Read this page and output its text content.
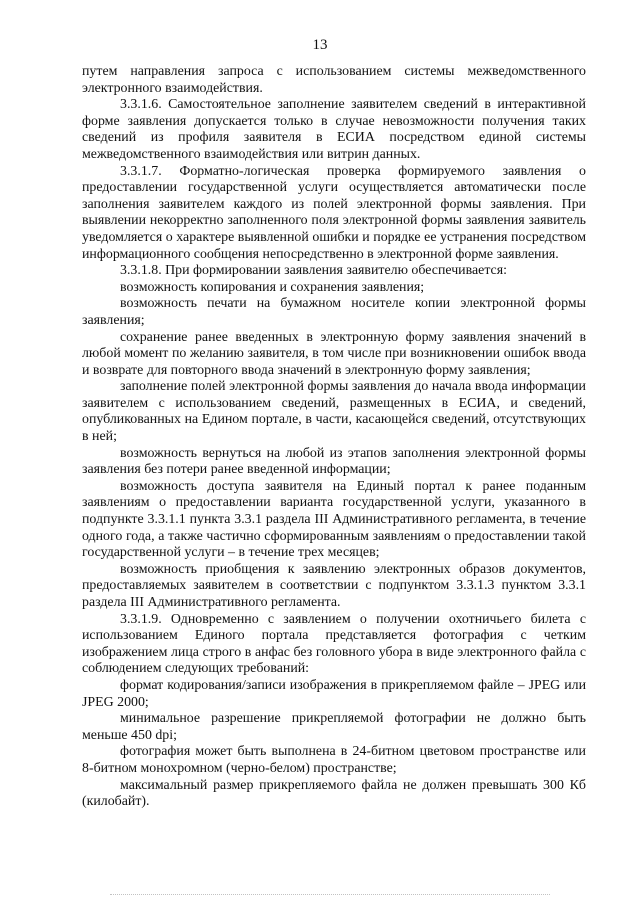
13

путем направления запроса с использованием системы межведомственного электронного взаимодействия.

3.3.1.6. Самостоятельное заполнение заявителем сведений в интерактивной форме заявления допускается только в случае невозможности получения таких сведений из профиля заявителя в ЕСИА посредством единой системы межведомственного взаимодействия или витрин данных.

3.3.1.7. Форматно-логическая проверка формируемого заявления о предоставлении государственной услуги осуществляется автоматически после заполнения заявителем каждого из полей электронной формы заявления. При выявлении некорректно заполненного поля электронной формы заявления заявитель уведомляется о характере выявленной ошибки и порядке ее устранения посредством информационного сообщения непосредственно в электронной форме заявления.

3.3.1.8. При формировании заявления заявителю обеспечивается:

возможность копирования и сохранения заявления;

возможность печати на бумажном носителе копии электронной формы заявления;

сохранение ранее введенных в электронную форму заявления значений в любой момент по желанию заявителя, в том числе при возникновении ошибок ввода и возврате для повторного ввода значений в электронную форму заявления;

заполнение полей электронной формы заявления до начала ввода информации заявителем с использованием сведений, размещенных в ЕСИА, и сведений, опубликованных на Едином портале, в части, касающейся сведений, отсутствующих в ней;

возможность вернуться на любой из этапов заполнения электронной формы заявления без потери ранее введенной информации;

возможность доступа заявителя на Единый портал к ранее поданным заявлениям о предоставлении варианта государственной услуги, указанного в подпункте 3.3.1.1 пункта 3.3.1 раздела III Административного регламента, в течение одного года, а также частично сформированным заявлениям о предоставлении такой государственной услуги – в течение трех месяцев;

возможность приобщения к заявлению электронных образов документов, предоставляемых заявителем в соответствии с подпунктом 3.3.1.3 пунктом 3.3.1 раздела III Административного регламента.

3.3.1.9. Одновременно с заявлением о получении охотничьего билета с использованием Единого портала представляется фотография с четким изображением лица строго в анфас без головного убора в виде электронного файла с соблюдением следующих требований:

формат кодирования/записи изображения в прикрепляемом файле – JPEG или JPEG 2000;

минимальное разрешение прикрепляемой фотографии не должно быть меньше 450 dpi;

фотография может быть выполнена в 24-битном цветовом пространстве или 8-битном монохромном (черно-белом) пространстве;

максимальный размер прикрепляемого файла не должен превышать 300 Кб (килобайт).
